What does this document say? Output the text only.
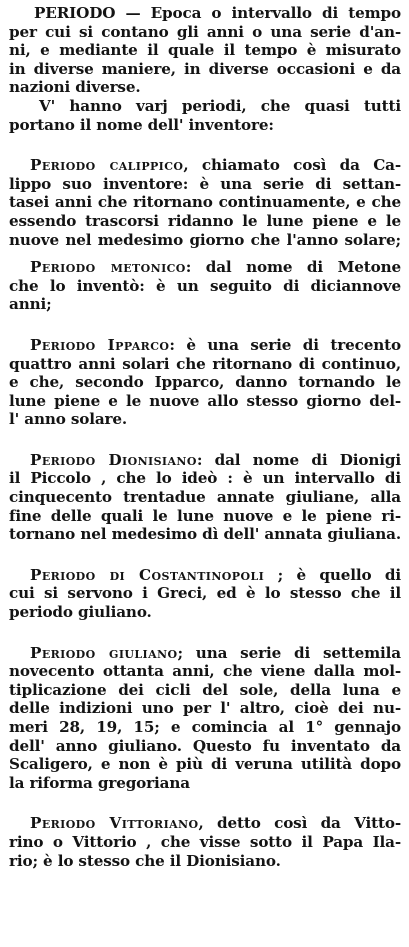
PERIODO — Epoca o intervallo di tempo
per cui si contano gli anni o una serie d'an-
ni, e mediante il quale il tempo è misurato
in diverse maniere, in diverse occasioni e da
nazioni diverse.

V' hanno varj periodi, che quasi tutti
portano il nome dell' inventore:

Periodo calippico, chiamato così da Ca-
lippo suo inventore: è una serie di settan-
tasei anni che ritornano continuamente, e che
essendo trascorsi ridanno le lune piene e le
nuove nel medesimo giorno che l'anno solare;

Periodo metonico: dal nome di Metone
che lo inventò: è un seguito di diciannove
anni;

Periodo Ipparco: è una serie di trecento
quattro anni solari che ritornano di continuo,
e che, secondo Ipparco, danno tornando le
lune piene e le nuove allo stesso giorno del-
l' anno solare.

Periodo Dionisiano: dal nome di Dionigi
il Piccolo , che lo ideò : è un intervallo di
cinquecento trentadue annate giuliane, alla
fine delle quali le lune nuove e le piene ri-
tornano nel medesimo dì dell' annata giuliana.

Periodo di Costantinopoli ; è quello di
cui si servono i Greci, ed è lo stesso che il
periodo giuliano.

Periodo giuliano; una serie di settemila
novecento ottanta anni, che viene dalla mol-
tiplicazione dei cicli del sole, della luna e
delle indizioni uno per l' altro, cioè dei nu-
meri 28, 19, 15; e comincia al 1° gennajo
dell' anno giuliano. Questo fu inventato da
Scaligero, e non è più di veruna utilità dopo
la riforma gregoriana

Periodo Vittoriano, detto così da Vitto-
rino o Vittorio , che visse sotto il Papa Ila-
rio; è lo stesso che il Dionisiano.
